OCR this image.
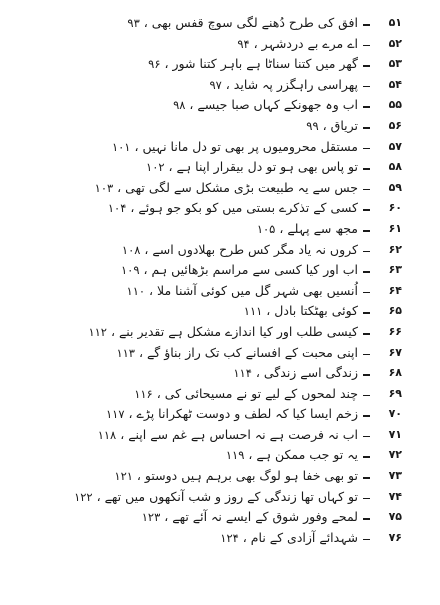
۵۱
افق کی طرح دُھنے لگی سوچ قفس بھی ، ۹۳
۵۲
اے مرے بے دردشہر ، ۹۴
۵۳
گھر میں کتنا سناٹا ہے باہر کتنا شور ، ۹۶
۵۴
پھراسی راہگزر پہ شاید ، ۹۷
۵۵
اب وہ جھونکے کہاں صبا جیسے ، ۹۸
۵۶
تریاق ، ۹۹
۵۷
مستقل محرومیوں پر بھی تو دل مانا نہیں ، ۱۰۱
۵۸
تو پاس بھی ہو تو دل بیقرار اپنا ہے ، ۱۰۲
۵۹
جس سے یہ طبیعت بڑی مشکل سے لگی تھی ، ۱۰۳
۶۰
کسی کے تذکرے بستی میں کو بکو جو ہوئے ، ۱۰۴
۶۱
مجھ سے پہلے ، ۱۰۵
۶۲
کروں نہ یاد مگر کس طرح بھلادوں اسے ، ۱۰۸
۶۳
اب اور کیا کسی سے مراسم بڑھائیں ہم ، ۱۰۹
۶۴
اُنسیں بھی شہر گل میں کوئی آشنا ملا ، ۱۱۰
۶۵
کوئی بھٹکتا بادل ، ۱۱۱
۶۶
کیسی طلب اور کیا اندازے مشکل ہے تقدیر بنے ، ۱۱۲
۶۷
اپنی محبت کے افسانے کب تک راز بناؤ گے ، ۱۱۳
۶۸
زندگی اسے زندگی ، ۱۱۴
۶۹
چند لمحوں کے لیے تو نے مسیحائی کی ، ۱۱۶
۷۰
زخم ایسا کیا کہ لطف و دوست ٹھکرانا پڑے ، ۱۱۷
۷۱
اب نہ فرصت ہے نہ احساس ہے غم سے اپنے ، ۱۱۸
۷۲
یہ تو جب ممکن ہے ، ۱۱۹
۷۳
تو بھی خفا ہو لوگ بھی برہم ہیں دوستو ، ۱۲۱
۷۴
تو کہاں تھا زندگی کے روز و شب آنکھوں میں تھے ، ۱۲۲
۷۵
لمحے وفور شوق کے ایسے نہ آئے تھے ، ۱۲۳
۷۶
شہدائے آزادی کے نام ، ۱۲۴
